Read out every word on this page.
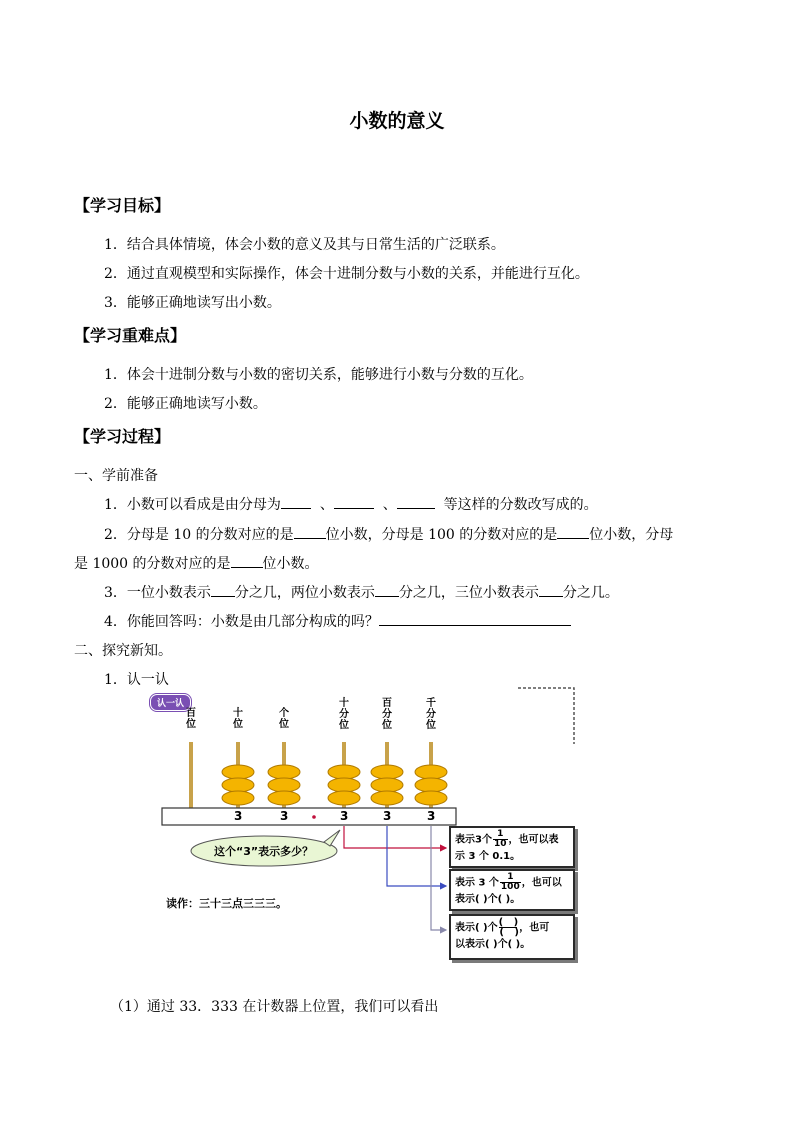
小数的意义
【学习目标】
1．结合具体情境，体会小数的意义及其与日常生活的广泛联系。
2．通过直观模型和实际操作，体会十进制分数与小数的关系，并能进行互化。
3．能够正确地读写出小数。
【学习重难点】
1．体会十进制分数与小数的密切关系，能够进行小数与分数的互化。
2．能够正确地读写小数。
【学习过程】
一、学前准备
1．小数可以看成是由分母为	、	、	等这样的分数改写成的。
2．分母是 10 的分数对应的是 位小数，分母是 100 的分数对应的是 位小数，分母
是 1000 的分数对应的是 位小数。
3．一位小数表示 分之几，两位小数表示 分之几，三位小数表示 分之几。
4．你能回答吗：小数是由几部分构成的吗？
二、探究新知。
1．认一认
认一认
百位
十位
个位
十分位
百分位
千分位
3	3	3	3	3
这个“3”表示多少？
读作：三十三点三三三。
表示3个 $\frac{1}{10}$ ，也可以表
示 3 个 0.1。
表示 3 个 $\frac{1}{100}$ ，也可以
表示( )个( )。
表示( )个 $\frac{( )}{( )}$ ，也可
以表示( )个( )。
（1）通过 33．333 在计数器上位置，我们可以看出
